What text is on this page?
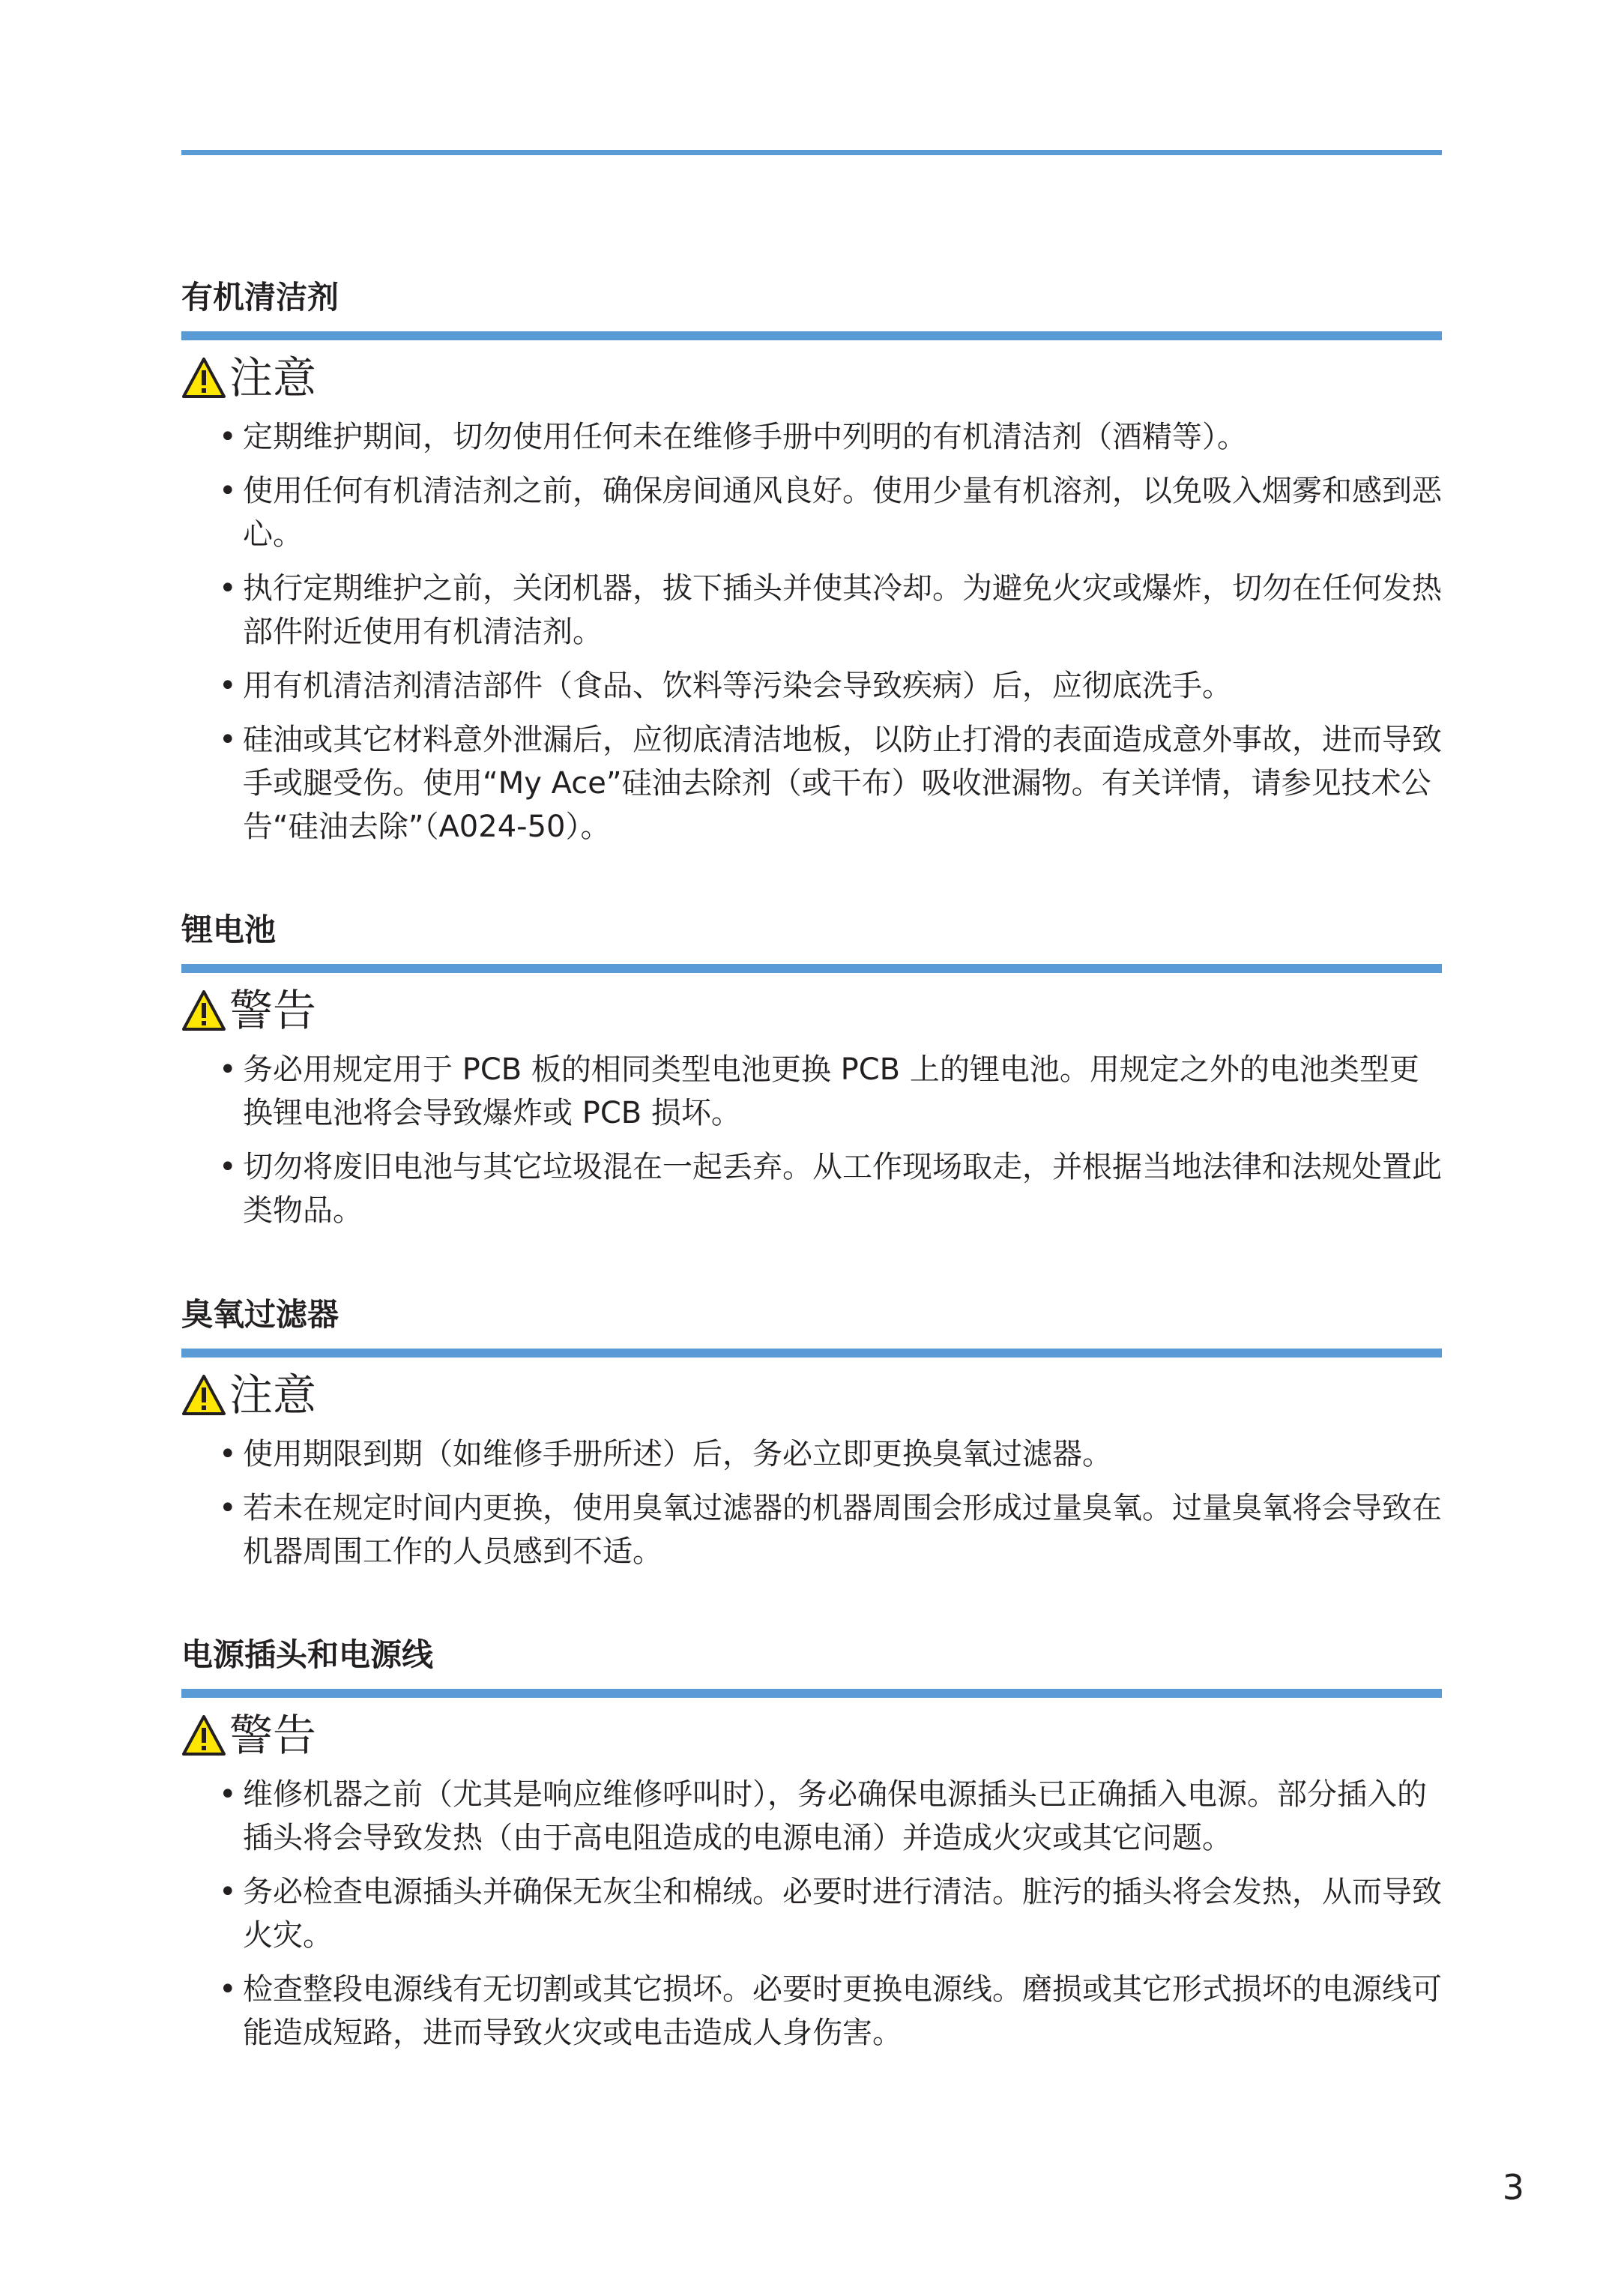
有机清洁剂
注意
• 定期维护期间，切勿使用任何未在维修手册中列明的有机清洁剂（酒精等）。
• 使用任何有机清洁剂之前，确保房间通风良好。使用少量有机溶剂，以免吸入烟雾和感到恶心。
• 执行定期维护之前，关闭机器，拔下插头并使其冷却。为避免火灾或爆炸，切勿在任何发热部件附近使用有机清洁剂。
• 用有机清洁剂清洁部件（食品、饮料等污染会导致疾病）后，应彻底洗手。
• 硅油或其它材料意外泄漏后，应彻底清洁地板，以防止打滑的表面造成意外事故，进而导致手或腿受伤。使用“My Ace”硅油去除剂（或干布）吸收泄漏物。有关详情，请参见技术公告“硅油去除”（A024-50）。
锂电池
警告
• 务必用规定用于 PCB 板的相同类型电池更换 PCB 上的锂电池。用规定之外的电池类型更换锂电池将会导致爆炸或 PCB 损坏。
• 切勿将废旧电池与其它垃圾混在一起丢弃。从工作现场取走，并根据当地法律和法规处置此类物品。
臭氧过滤器
注意
• 使用期限到期（如维修手册所述）后，务必立即更换臭氧过滤器。
• 若未在规定时间内更换，使用臭氧过滤器的机器周围会形成过量臭氧。过量臭氧将会导致在机器周围工作的人员感到不适。
电源插头和电源线
警告
• 维修机器之前（尤其是响应维修呼叫时），务必确保电源插头已正确插入电源。部分插入的插头将会导致发热（由于高电阻造成的电源电涌）并造成火灾或其它问题。
• 务必检查电源插头并确保无灰尘和棉绒。必要时进行清洁。脏污的插头将会发热，从而导致火灾。
• 检查整段电源线有无切割或其它损坏。必要时更换电源线。磨损或其它形式损坏的电源线可能造成短路，进而导致火灾或电击造成人身伤害。
3
